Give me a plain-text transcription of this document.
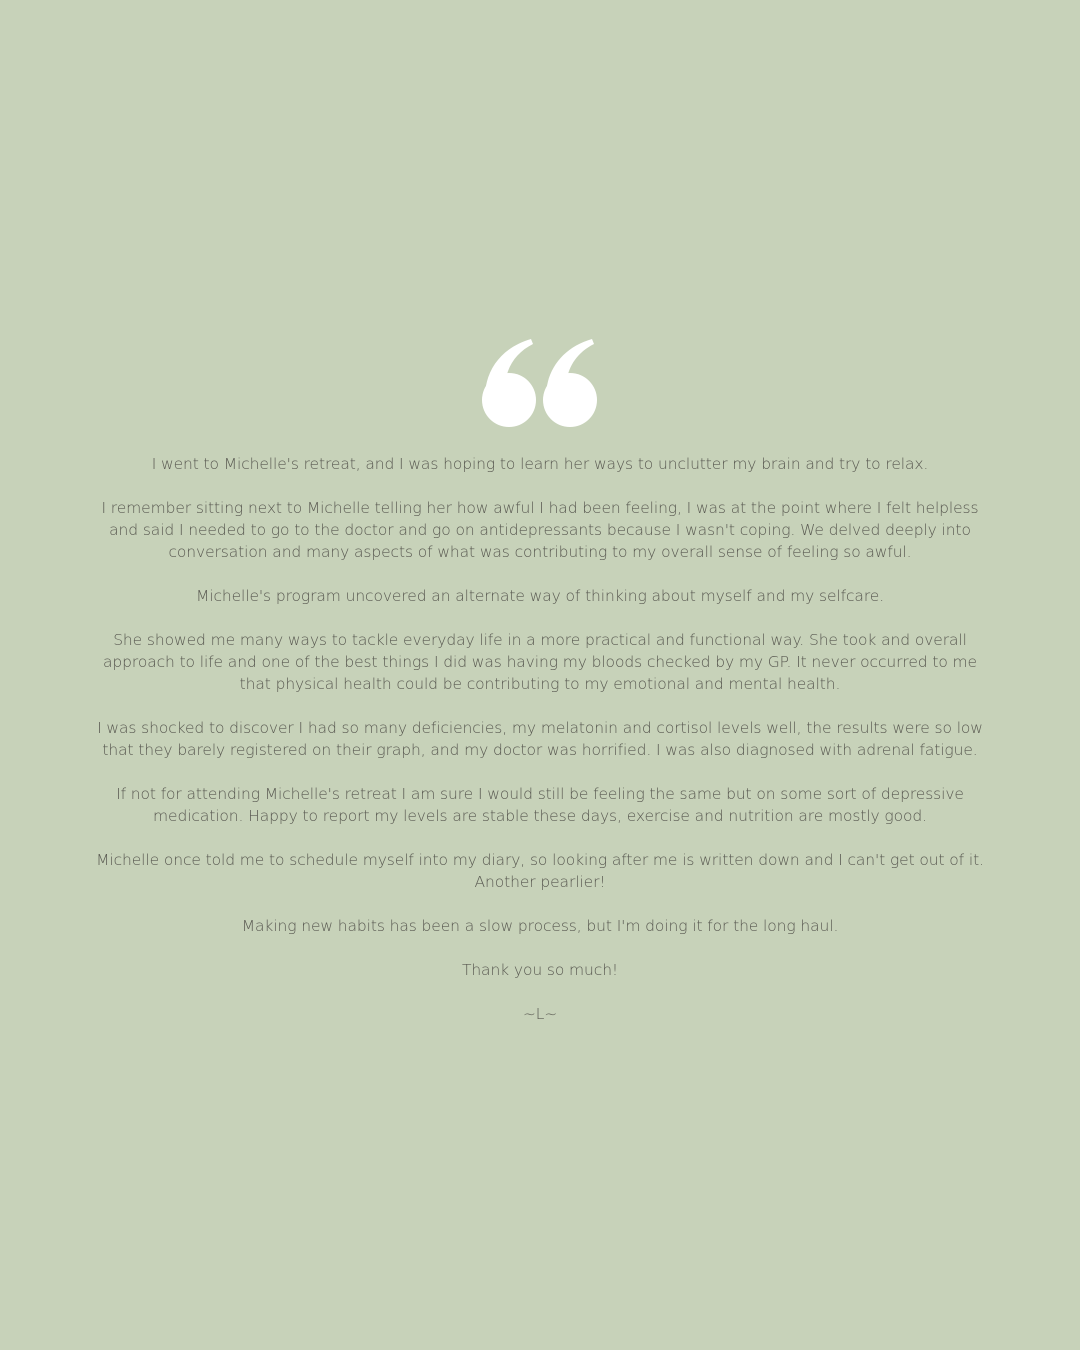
I went to Michelle's retreat, and I was hoping to learn her ways to unclutter my brain and try to relax.

I remember sitting next to Michelle telling her how awful I had been feeling, I was at the point where I felt helpless and said I needed to go to the doctor and go on antidepressants because I wasn't coping. We delved deeply into conversation and many aspects of what was contributing to my overall sense of feeling so awful.

Michelle's program uncovered an alternate way of thinking about myself and my selfcare.

She showed me many ways to tackle everyday life in a more practical and functional way. She took and overall approach to life and one of the best things I did was having my bloods checked by my GP. It never occurred to me that physical health could be contributing to my emotional and mental health.

I was shocked to discover I had so many deficiencies, my melatonin and cortisol levels well, the results were so low that they barely registered on their graph, and my doctor was horrified. I was also diagnosed with adrenal fatigue.

If not for attending Michelle's retreat I am sure I would still be feeling the same but on some sort of depressive medication. Happy to report my levels are stable these days, exercise and nutrition are mostly good.

Michelle once told me to schedule myself into my diary, so looking after me is written down and I can't get out of it. Another pearlier!

Making new habits has been a slow process, but I'm doing it for the long haul.

Thank you so much!

~L~
